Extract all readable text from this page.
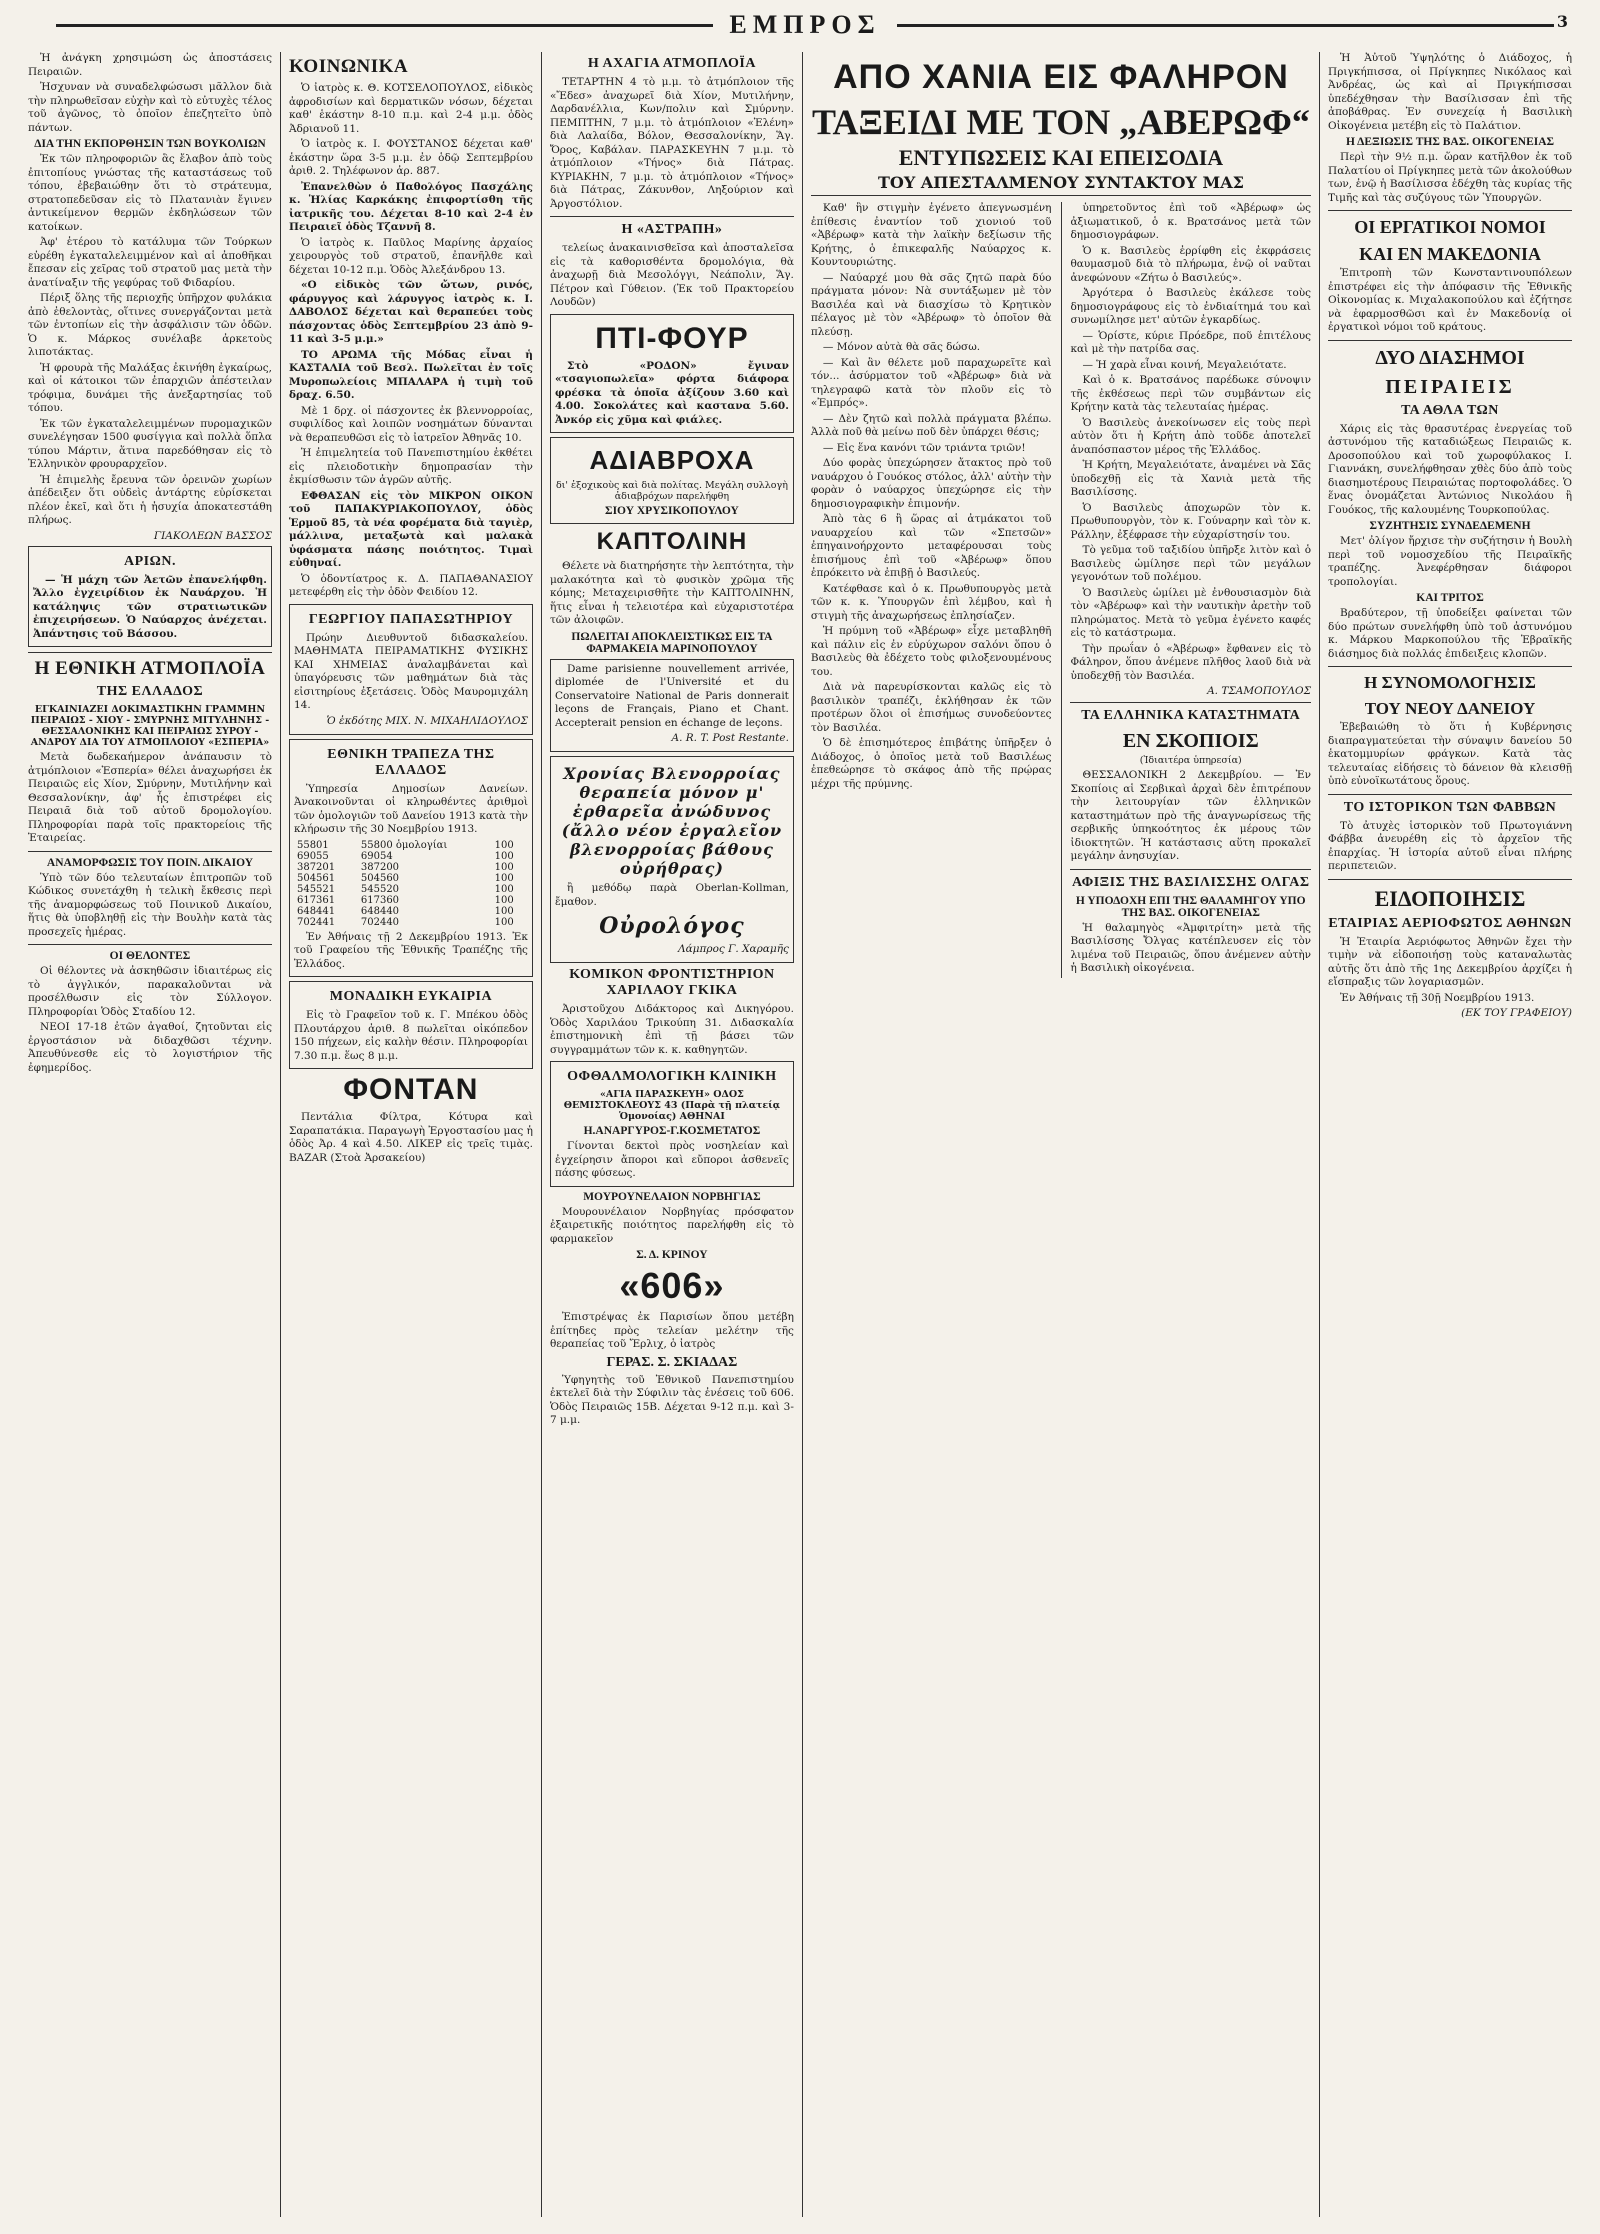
ΕΜΠΡΟΣ	3

Ἠ ἀνάγκη χρησιμώση ὡς ἀποστάσεις Πειραιῶν.

Ἠσχυναν νὰ συναδελφώσωσι μᾶλλον διὰ τὴν πληρωθεῖσαν εὐχὴν καὶ τὸ εὐτυχὲς τέλος τοῦ ἀγῶνος, τὸ ὁποῖον ἐπεζητεῖτο ὑπὸ πάντων.

ΔΙΑ ΤΗΝ ΕΚΠΟΡΘΗΣΙΝ ΤΩΝ ΒΟΥΚΟΛΙΩΝ

Ἐκ τῶν πληροφοριῶν ἃς ἔλαβον ἀπὸ τοὺς ἐπιτοπίους γνώστας τῆς καταστάσεως τοῦ τόπου, ἐβεβαιώθην ὅτι τὸ στράτευμα, στρατοπεδεῦσαν εἰς τὸ Πλατανιὰν ἔγινεν ἀντικείμενον θερμῶν ἐκδηλώσεων τῶν κατοίκων.

Ἀφ' ἑτέρου τὸ κατάλυμα τῶν Τούρκων εὑρέθη ἐγκαταλελειμμένον καὶ αἱ ἀποθῆκαι ἔπεσαν εἰς χεῖρας τοῦ στρατοῦ μας μετὰ τὴν ἀνατίναξιν τῆς γεφύρας τοῦ Φιδαρίου.

Πέριξ ὅλης τῆς περιοχῆς ὑπῆρχον φυλάκια ἀπὸ ἐθελοντὰς, οἵτινες συνεργάζονται μετὰ τῶν ἐντοπίων εἰς τὴν ἀσφάλισιν τῶν ὁδῶν. Ὁ κ. Μάρκος συνέλαβε ἀρκετοὺς λιποτάκτας.

Ἡ φρουρὰ τῆς Μαλάξας ἐκινήθη ἐγκαίρως, καὶ οἱ κάτοικοι τῶν ἐπαρχιῶν ἀπέστειλαν τρόφιμα, δυνάμει τῆς ἀνεξαρτησίας τοῦ τόπου.

Ἐκ τῶν ἐγκαταλελειμμένων πυρομαχικῶν συνελέγησαν 1500 φυσίγγια καὶ πολλὰ ὅπλα τύπου Μάρτιν, ἅτινα παρεδόθησαν εἰς τὸ Ἑλληνικὸν φρουραρχεῖον.

Ἡ ἐπιμελὴς ἔρευνα τῶν ὀρεινῶν χωρίων ἀπέδειξεν ὅτι οὐδεὶς ἀντάρτης εὑρίσκεται πλέον ἐκεῖ, καὶ ὅτι ἡ ἡσυχία ἀποκατεστάθη πλήρως.

ΓΙΑΚΟΛΕΩΝ ΒΑΣΣΟΣ
ΑΡΙΩΝ.

— Ἡ μάχη τῶν Ἀετῶν ἐπανελήφθη. Ἄλλο ἐγχειρίδιον ἐκ Ναυάρχου. Ἡ κατάληψις τῶν στρατιωτικῶν ἐπιχειρήσεων. Ὁ Ναύαρχος ἀνέχεται. Ἀπάντησις τοῦ Βάσσου.

Η ΕΘΝΙΚΗ ΑΤΜΟΠΛΟΪΑ
ΤΗΣ ΕΛΛΑΔΟΣ
ΕΓΚΑΙΝΙΑΖΕΙ ΔΟΚΙΜΑΣΤΙΚΗΝ ΓΡΑΜΜΗΝ ΠΕΙΡΑΙΩΣ - ΧΙΟΥ - ΣΜΥΡΝΗΣ ΜΙΤΥΛΗΝΗΣ - ΘΕΣΣΑΛΟΝΙΚΗΣ ΚΑΙ ΠΕΙΡΑΙΩΣ ΣΥΡΟΥ - ΑΝΔΡΟΥ ΔΙΑ ΤΟΥ ΑΤΜΟΠΛΟΙΟΥ «ΕΣΠΕΡΙΑ»

Μετὰ δωδεκαήμερον ἀνάπαυσιν τὸ ἀτμόπλοιον «Ἑσπερία» θέλει ἀναχωρήσει ἐκ Πειραιῶς εἰς Χίον, Σμύρνην, Μυτιλήνην καὶ Θεσσαλονίκην, ἀφ' ἧς ἐπιστρέφει εἰς Πειραιᾶ διὰ τοῦ αὐτοῦ δρομολογίου. Πληροφορίαι παρὰ τοῖς πρακτορείοις τῆς Ἑταιρείας.

ΑΝΑΜΟΡΦΩΣΙΣ ΤΟΥ ΠΟΙΝ. ΔΙΚΑΙΟΥ

Ὑπὸ τῶν δύο τελευταίων ἐπιτροπῶν τοῦ Κώδικος συνετάχθη ἡ τελικὴ ἔκθεσις περὶ τῆς ἀναμορφώσεως τοῦ Ποινικοῦ Δικαίου, ἥτις θὰ ὑποβληθῇ εἰς τὴν Βουλὴν κατὰ τὰς προσεχεῖς ἡμέρας.

ΟΙ ΘΕΛΟΝΤΕΣ

Οἱ θέλοντες νὰ ἀσκηθῶσιν ἰδιαιτέρως εἰς τὸ ἀγγλικόν, παρακαλοῦνται νὰ προσέλθωσιν εἰς τὸν Σύλλογον. Πληροφορίαι Ὁδὸς Σταδίου 12.

ΝΕΟΙ 17-18 ἐτῶν ἀγαθοί, ζητοῦνται εἰς ἐργοστάσιον νὰ διδαχθῶσι τέχνην. Ἀπευθύνεσθε εἰς τὸ λογιστήριον τῆς ἐφημερίδος.

ΚΟΙΝΩΝΙΚΑ

Ὁ ἰατρὸς κ. Θ. ΚΟΤΣΕΛΟΠΟΥΛΟΣ, εἰδικὸς ἀφροδισίων καὶ δερματικῶν νόσων, δέχεται καθ' ἑκάστην 8-10 π.μ. καὶ 2-4 μ.μ. ὁδὸς Ἀδριανοῦ 11.

Ὁ ἰατρὸς κ. Ι. ΦΟΥΣΤΑΝΟΣ δέχεται καθ' ἑκάστην ὥρα 3-5 μ.μ. ἐν ὁδῷ Σεπτεμβρίου ἀριθ. 2. Τηλέφωνον ἀρ. 887.

Ἐπανελθὼν ὁ Παθολόγος Πασχάλης κ. Ἡλίας Καρκάκης ἐπιφορτίσθη τῆς ἰατρικῆς του. Δέχεται 8-10 καὶ 2-4 ἐν Πειραιεῖ ὁδὸς Τζαννῆ 8.

Ὁ ἰατρὸς κ. Παῦλος Μαρίνης ἀρχαίος χειρουργὸς τοῦ στρατοῦ, ἐπανῆλθε καὶ δέχεται 10-12 π.μ. Ὁδὸς Ἀλεξάνδρου 13.

«Ο εἰδικὸς τῶν ὤτων, ρινός, φάρυγγος καὶ λάρυγγος ἰατρὸς κ. Ι. ΔΑΒΟΛΟΣ δέχεται καὶ θεραπεύει τοὺς πάσχοντας ὁδὸς Σεπτεμβρίου 23 ἀπὸ 9-11 καὶ 3-5 μ.μ.»

ΤΟ ΑΡΩΜΑ τῆς Μόδας εἶναι ἡ ΚΑΣΤΑΛΙΑ τοῦ Βεσλ. Πωλεῖται ἐν τοῖς Μυροπωλείοις ΜΠΑΛΑΡΑ ἡ τιμὴ τοῦ δραχ. 6.50.

Μὲ 1 δρχ. οἱ πάσχοντες ἐκ βλεννορροίας, συφιλίδος καὶ λοιπῶν νοσημάτων δύνανται νὰ θεραπευθῶσι εἰς τὸ ἰατρεῖον Ἀθηνᾶς 10.

Ἡ ἐπιμελητεία τοῦ Πανεπιστημίου ἐκθέτει εἰς πλειοδοτικὴν δημοπρασίαν τὴν ἐκμίσθωσιν τῶν ἀγρῶν αὐτῆς.

ΕΦΘΑΣΑΝ εἰς τὸν ΜΙΚΡΟΝ ΟΙΚΟΝ τοῦ ΠΑΠΑΚΥΡΙΑΚΟΠΟΥΛΟΥ, ὁδὸς Ἑρμοῦ 85, τὰ νέα φορέματα διὰ ταγιὲρ, μάλλινα, μεταξωτὰ καὶ μαλακὰ ὑφάσματα πάσης ποιότητος. Τιμαὶ εὐθηναί.

Ὁ ὀδοντίατρος κ. Δ. ΠΑΠΑΘΑΝΑΣΙΟΥ μετεφέρθη εἰς τὴν ὁδὸν Φειδίου 12.

ΓΕΩΡΓΙΟΥ ΠΑΠΑΣΩΤΗΡΙΟΥ

Πρώην Διευθυντοῦ διδασκαλείου. ΜΑΘΗΜΑΤΑ ΠΕΙΡΑΜΑΤΙΚΗΣ ΦΥΣΙΚΗΣ ΚΑΙ ΧΗΜΕΙΑΣ ἀναλαμβάνεται καὶ ὑπαγόρευσις τῶν μαθημάτων διὰ τὰς εἰσιτηρίους ἐξετάσεις. Ὁδὸς Μαυρομιχάλη 14.

Ὁ ἐκδότης ΜΙΧ. Ν. ΜΙΧΑΗΛΙΔΟΥΛΟΣ
ΕΘΝΙΚΗ ΤΡΑΠΕΖΑ ΤΗΣ ΕΛΛΑΔΟΣ

Ὑπηρεσία Δημοσίων Δανείων. Ἀνακοινοῦνται οἱ κληρωθέντες ἀριθμοὶ τῶν ὁμολογιῶν τοῦ Δανείου 1913 κατὰ τὴν κλήρωσιν τῆς 30 Νοεμβρίου 1913.

55801	55800 ὁμολογίαι	100
69055	69054	100
387201	387200	100
504561	504560	100
545521	545520	100
617361	617360	100
648441	648440	100
702441	702440	100

Ἐν Ἀθήναις τῇ 2 Δεκεμβρίου 1913. Ἐκ τοῦ Γραφείου τῆς Ἐθνικῆς Τραπέζης τῆς Ἑλλάδος.

ΜΟΝΑΔΙΚΗ ΕΥΚΑΙΡΙΑ

Εἰς τὸ Γραφεῖον τοῦ κ. Γ. Μπέκου ὁδὸς Πλουτάρχου ἀριθ. 8 πωλεῖται οἰκόπεδον 150 πήχεων, εἰς καλὴν θέσιν. Πληροφορίαι 7.30 π.μ. ἕως 8 μ.μ.

ΦΟΝΤΑΝ

Πεντάλια Φίλτρα, Κότυρα καὶ Σαραπατάκια. Παραγωγὴ Ἐργοστασίου μας ἡ ὁδὸς Ἀρ. 4 καὶ 4.50. ΛΙΚΕΡ εἰς τρεῖς τιμὰς. BAZAR (Στοὰ Ἀρσακείου)

Η ΑΧΑΓΙΑ ΑΤΜΟΠΛΟΪΑ

ΤΕΤΑΡΤΗΝ 4 τὸ μ.μ. τὸ ἀτμόπλοιον τῆς «Ἔδεσ» ἀναχωρεῖ διὰ Χίον, Μυτιλήνην, Δαρδανέλλια, Κων/πολιν καὶ Σμύρνην. ΠΕΜΠΤΗΝ, 7 μ.μ. τὸ ἀτμόπλοιον «Ἐλένη» διὰ Λαλαίδα, Βόλον, Θεσσαλονίκην, Ἅγ. Ὄρος, Καβάλαν. ΠΑΡΑΣΚΕΥΗΝ 7 μ.μ. τὸ ἀτμόπλοιον «Τήνος» διὰ Πάτρας. ΚΥΡΙΑΚΗΝ, 7 μ.μ. τὸ ἀτμόπλοιον «Τήνος» διὰ Πάτρας, Ζάκυνθον, Ληξούριον καὶ Ἀργοστόλιον.

Η «ΑΣΤΡΑΠΗ»

τελείως ἀνακαινισθεῖσα καὶ ἀποσταλεῖσα εἰς τὰ καθορισθέντα δρομολόγια, θὰ ἀναχωρῇ διὰ Μεσολόγγι, Νεάπολιν, Ἅγ. Πέτρον καὶ Γύθειον. (Ἐκ τοῦ Πρακτορείου Λουδῶν)

ΠΤΙ-ΦΟΥΡ

Στὸ «ΡΟΔΟΝ» ἔγιναν «τσαγιοπωλεῖα» φόρτα διάφορα φρέσκα τὰ ὁποῖα ἀξίζουν 3.60 καὶ 4.00. Σοκολάτες καὶ καστανα 5.60. Ἀνκόρ εἰς χῦμα καὶ φιάλες.

ΑΔΙΑΒΡΟΧΑ
δι' ἐξοχικοὺς καὶ διὰ πολίτας. Μεγάλη συλλογὴ ἀδιαβρόχων παρελήφθη
ΣΙΟΥ ΧΡΥΣΙΚΟΠΟΥΛΟΥ
ΚΑΠΤΟΛΙΝΗ

Θέλετε νὰ διατηρήσητε τὴν λεπτότητα, τὴν μαλακότητα καὶ τὸ φυσικὸν χρῶμα τῆς κόμης; Μεταχειρισθῆτε τὴν ΚΑΠΤΟΛΙΝΗΝ, ἥτις εἶναι ἡ τελειοτέρα καὶ εὐχαριστοτέρα τῶν ἀλοιφῶν.

ΠΩΛΕΙΤΑΙ ΑΠΟΚΛΕΙΣΤΙΚΩΣ ΕΙΣ ΤΑ ΦΑΡΜΑΚΕΙΑ ΜΑΡΙΝΟΠΟΥΛΟΥ

Dame parisienne nouvellement arrivée, diplomée de l'Université et du Conservatoire National de Paris donnerait leçons de Français, Piano et Chant. Accepterait pension en échange de leçons.

A. R. T. Post Restante.
Χρονίας Βλενορροίας θεραπεία μόνον μ' ἐρθαρεῖα ἀνώδυνος (ἄλλο νέον ἐργαλεῖον βλενορροίας βάθους οὐρήθρας)

ἢ μεθόδῳ παρὰ Oberlan-Kollman, ἔμαθον.

Οὐρολόγος
Λάμπρος Γ. Χαραμῆς
ΚΟΜΙΚΟΝ ΦΡΟΝΤΙΣΤΗΡΙΟΝ ΧΑΡΙΛΑΟΥ ΓΚΙΚΑ

Ἀριστοῦχου Διδάκτορος καὶ Δικηγόρου. Ὁδὸς Χαριλάου Τρικούπη 31. Διδασκαλία ἐπιστημονικὴ ἐπὶ τῇ βάσει τῶν συγγραμμάτων τῶν κ. κ. καθηγητῶν.

ΟΦΘΑΛΜΟΛΟΓΙΚΗ ΚΛΙΝΙΚΗ
«ΑΓΙΑ ΠΑΡΑΣΚΕΥΗ» ΟΔΟΣ ΘΕΜΙΣΤΟΚΛΕΟΥΣ 43 (Παρὰ τῇ πλατείᾳ Ὁμονοίας) ΑΘΗΝΑΙ
Η.ΑΝΑΡΓΥΡΟΣ-Γ.ΚΟΣΜΕΤΑΤΟΣ

Γίνονται δεκτοὶ πρὸς νοσηλείαν καὶ ἐγχείρησιν ἄποροι καὶ εὔποροι ἀσθενεῖς πάσης φύσεως.

ΜΟΥΡΟΥΝΕΛΑΙΟΝ ΝΟΡΒΗΓΙΑΣ

Μουρουνέλαιον Νορβηγίας πρόσφατον ἐξαιρετικῆς ποιότητος παρελήφθη εἰς τὸ φαρμακεῖον

Σ. Δ. ΚΡΙΝΟΥ
«606»

Ἐπιστρέψας ἐκ Παρισίων ὅπου μετέβη ἐπίτηδες πρὸς τελείαν μελέτην τῆς θεραπείας τοῦ Ἔρλιχ, ὁ ἰατρὸς

ΓΕΡΑΣ. Σ. ΣΚΙΑΔΑΣ

Ὑφηγητὴς τοῦ Ἐθνικοῦ Πανεπιστημίου ἐκτελεῖ διὰ τὴν Σύφιλιν τὰς ἐνέσεις τοῦ 606. Ὁδὸς Πειραιῶς 15Β. Δέχεται 9-12 π.μ. καὶ 3-7 μ.μ.

ΑΠΟ ΧΑΝΙΑ ΕΙΣ ΦΑΛΗΡΟΝ
ΤΑΞΕΙΔΙ ΜΕ ΤΟΝ „ΑΒΕΡΩΦ“
ΕΝΤΥΠΩΣΕΙΣ ΚΑΙ ΕΠΕΙΣΟΔΙΑ
ΤΟΥ ΑΠΕΣΤΑΛΜΕΝΟΥ ΣΥΝΤΑΚΤΟΥ ΜΑΣ

Καθ' ἣν στιγμὴν ἐγένετο ἀπεγνωσμένη ἐπίθεσις ἐναντίον τοῦ χιονιού τοῦ «Ἀβέρωφ» κατὰ τὴν λαϊκὴν δεξίωσιν τῆς Κρήτης, ὁ ἐπικεφαλῆς Ναύαρχος κ. Κουντουριώτης.

— Ναύαρχέ μου θὰ σᾶς ζητῶ παρὰ δύο πράγματα μόνον: Νὰ συντάξωμεν μὲ τὸν Βασιλέα καὶ νὰ διασχίσω τὸ Κρητικὸν πέλαγος μὲ τὸν «Ἀβέρωφ» τὸ ὁποῖον θὰ πλεύσῃ.

— Μόνον αὐτὰ θὰ σᾶς δώσω.

— Καὶ ἂν θέλετε μοῦ παραχωρεῖτε καὶ τόν... ἀσύρματον τοῦ «Ἀβέρωφ» διὰ νὰ τηλεγραφῶ κατὰ τὸν πλοῦν εἰς τὸ «Ἐμπρός».

— Δὲν ζητῶ καὶ πολλὰ πράγματα βλέπω. Ἀλλὰ ποῦ θὰ μείνω ποῦ δὲν ὑπάρχει θέσις;

— Εἰς ἕνα κανόνι τῶν τριάντα τριῶν!

Δύο φορὰς ὑπεχώρησεν ἄτακτος πρὸ τοῦ ναυάρχου ὁ Γουόκος στόλος, ἀλλ' αὐτὴν τὴν φορὰν ὁ ναύαρχος ὑπεχώρησε εἰς τὴν δημοσιογραφικὴν ἐπιμονήν.

Ἀπὸ τὰς 6 ἢ ὥρας αἱ ἀτμάκατοι τοῦ ναυαρχείου καὶ τῶν «Σπετσῶν» ἐπηγαινοήρχοντο μεταφέρουσαι τοὺς ἐπισήμους ἐπὶ τοῦ «Ἀβέρωφ» ὅπου ἐπρόκειτο νὰ ἐπιβῇ ὁ Βασιλεύς.

Κατέφθασε καὶ ὁ κ. Πρωθυπουργὸς μετὰ τῶν κ. κ. Ὑπουργῶν ἐπὶ λέμβου, καὶ ἡ στιγμὴ τῆς ἀναχωρήσεως ἐπλησίαζεν.

Ἡ πρύμνη τοῦ «Ἀβέρωφ» εἶχε μεταβληθῆ καὶ πάλιν εἰς ἐν εὐρύχωρον σαλόνι ὅπου ὁ Βασιλεὺς θὰ ἐδέχετο τοὺς φιλοξενουμένους του.

Διὰ νὰ παρευρίσκονται καλῶς εἰς τὸ βασιλικὸν τραπέζι, ἐκλήθησαν ἐκ τῶν προτέρων ὅλοι οἱ ἐπισήμως συνοδεύοντες τὸν Βασιλέα.

Ὁ δὲ ἐπισημότερος ἐπιβάτης ὑπῆρξεν ὁ Διάδοχος, ὁ ὁποῖος μετὰ τοῦ Βασιλέως ἐπεθεώρησε τὸ σκάφος ἀπὸ τῆς πρῴρας μέχρι τῆς πρύμνης.

ὑπηρετοῦντος ἐπὶ τοῦ «Ἀβέρωφ» ὡς ἀξιωματικοῦ, ὁ κ. Βρατσάνος μετὰ τῶν δημοσιογράφων.

Ὁ κ. Βασιλεὺς ἐρρίφθη εἰς ἐκφράσεις θαυμασμοῦ διὰ τὸ πλήρωμα, ἐνῷ οἱ ναῦται ἀνεφώνουν «Ζήτω ὁ Βασιλεύς».

Ἀργότερα ὁ Βασιλεὺς ἐκάλεσε τοὺς δημοσιογράφους εἰς τὸ ἐνδιαίτημά του καὶ συνωμίλησε μετ' αὐτῶν ἐγκαρδίως.

— Ὁρίστε, κύριε Πρόεδρε, ποῦ ἐπιτέλους καὶ μὲ τὴν πατρίδα σας.

— Ἡ χαρὰ εἶναι κοινή, Μεγαλειότατε.

Καὶ ὁ κ. Βρατσάνος παρέδωκε σύνοψιν τῆς ἐκθέσεως περὶ τῶν συμβάντων εἰς Κρήτην κατὰ τὰς τελευταίας ἡμέρας.

Ὁ Βασιλεὺς ἀνεκοίνωσεν εἰς τοὺς περὶ αὐτὸν ὅτι ἡ Κρήτη ἀπὸ τοῦδε ἀποτελεῖ ἀναπόσπαστον μέρος τῆς Ἑλλάδος.

Ἡ Κρήτη, Μεγαλειότατε, ἀναμένει νὰ Σᾶς ὑποδεχθῇ εἰς τὰ Χανιὰ μετὰ τῆς Βασιλίσσης.

Ὁ Βασιλεὺς ἀποχωρῶν τὸν κ. Πρωθυπουργὸν, τὸν κ. Γούναρην καὶ τὸν κ. Ράλλην, ἐξέφρασε τὴν εὐχαρίστησίν του.

Τὸ γεῦμα τοῦ ταξιδίου ὑπῆρξε λιτὸν καὶ ὁ Βασιλεὺς ὡμίλησε περὶ τῶν μεγάλων γεγονότων τοῦ πολέμου.

Ὁ Βασιλεὺς ὡμίλει μὲ ἐνθουσιασμὸν διὰ τὸν «Ἀβέρωφ» καὶ τὴν ναυτικὴν ἀρετὴν τοῦ πληρώματος. Μετὰ τὸ γεῦμα ἐγένετο καφές εἰς τὸ κατάστρωμα.

Τὴν πρωΐαν ὁ «Ἀβέρωφ» ἔφθανεν εἰς τὸ Φάληρον, ὅπου ἀνέμενε πλῆθος λαοῦ διὰ νὰ ὑποδεχθῇ τὸν Βασιλέα.

Α. ΤΣΑΜΟΠΟΥΛΟΣ
ΤΑ ΕΛΛΗΝΙΚΑ ΚΑΤΑΣΤΗΜΑΤΑ
ΕΝ ΣΚΟΠΙΟΙΣ
(Ἰδιαιτέρα ὑπηρεσία)

ΘΕΣΣΑΛΟΝΙΚΗ 2 Δεκεμβρίου. — Ἐν Σκοπίοις αἱ Σερβικαὶ ἀρχαὶ δὲν ἐπιτρέπουν τὴν λειτουργίαν τῶν ἑλληνικῶν καταστημάτων πρὸ τῆς ἀναγνωρίσεως τῆς σερβικῆς ὑπηκοότητος ἐκ μέρους τῶν ἰδιοκτητῶν. Ἡ κατάστασις αὕτη προκαλεῖ μεγάλην ἀνησυχίαν.

ΑΦΙΞΙΣ ΤΗΣ ΒΑΣΙΛΙΣΣΗΣ ΟΛΓΑΣ
Η ΥΠΟΔΟΧΗ ΕΠΙ ΤΗΣ ΘΑΛΑΜΗΓΟΥ ΥΠΟ ΤΗΣ ΒΑΣ. ΟΙΚΟΓΕΝΕΙΑΣ

Ἡ θαλαμηγὸς «Ἀμφιτρίτη» μετὰ τῆς Βασιλίσσης Ὄλγας κατέπλευσεν εἰς τὸν λιμένα τοῦ Πειραιῶς, ὅπου ἀνέμενεν αὐτὴν ἡ Βασιλικὴ οἰκογένεια.

Ἡ Ἀὐτοῦ Ὑψηλότης ὁ Διάδοχος, ἡ Πριγκήπισσα, οἱ Πρίγκηπες Νικόλαος καὶ Ἀνδρέας, ὡς καὶ αἱ Πριγκήπισσαι ὑπεδέχθησαν τὴν Βασίλισσαν ἐπὶ τῆς ἀποβάθρας. Ἐν συνεχείᾳ ἡ Βασιλικὴ Οἰκογένεια μετέβη εἰς τὸ Παλάτιον.

Η ΔΕΞΙΩΣΙΣ ΤΗΣ ΒΑΣ. ΟΙΚΟΓΕΝΕΙΑΣ

Περὶ τὴν 9½ π.μ. ὥραν κατῆλθον ἐκ τοῦ Παλατίου οἱ Πρίγκηπες μετὰ τῶν ἀκολούθων των, ἐνῷ ἡ Βασίλισσα ἐδέχθη τὰς κυρίας τῆς Τιμῆς καὶ τὰς συζύγους τῶν Ὑπουργῶν.

ΟΙ ΕΡΓΑΤΙΚΟΙ ΝΟΜΟΙ
ΚΑΙ ΕΝ ΜΑΚΕΔΟΝΙΑ

Ἐπιτροπὴ τῶν Κωνσταντινουπόλεων ἐπιστρέφει εἰς τὴν ἀπόφασιν τῆς Ἐθνικῆς Οἰκονομίας κ. Μιχαλακοπούλου καὶ ἐζήτησε νὰ ἐφαρμοσθῶσι καὶ ἐν Μακεδονίᾳ οἱ ἐργατικοὶ νόμοι τοῦ κράτους.

ΔΥΟ ΔΙΑΣΗΜΟΙ
ΠΕΙΡΑΙΕΙΣ
ΤΑ ΑΘΛΑ ΤΩΝ

Χάρις εἰς τὰς θρασυτέρας ἐνεργείας τοῦ ἀστυνόμου τῆς καταδιώξεως Πειραιῶς κ. Δροσοπούλου καὶ τοῦ χωροφύλακος Ι. Γιαννάκη, συνελήφθησαν χθὲς δύο ἀπὸ τοὺς διασημοτέρους Πειραιώτας πορτοφολάδες. Ὁ ἕνας ὀνομάζεται Ἀντώνιος Νικολάου ἢ Γουόκος, τῆς καλουμένης Τουρκοπούλας.

ΣΥΖΗΤΗΣΙΣ ΣΥΝΔΕΔΕΜΕΝΗ

Μετ' ὀλίγον ἤρχισε τὴν συζήτησιν ἡ Βουλὴ περὶ τοῦ νομοσχεδίου τῆς Πειραϊκῆς τραπέζης. Ἀνεφέρθησαν διάφοροι τροπολογίαι.

ΚΑΙ ΤΡΙΤΟΣ

Βραδύτερον, τῇ ὑποδείξει φαίνεται τῶν δύο πρώτων συνελήφθη ὑπὸ τοῦ ἀστυνόμου κ. Μάρκου Μαρκοπούλου τῆς Ἑβραϊκῆς διάσημος διὰ πολλάς ἐπιδειξεις κλοπῶν.

Η ΣΥΝΟΜΟΛΟΓΗΣΙΣ
ΤΟΥ ΝΕΟΥ ΔΑΝΕΙΟΥ

Ἐβεβαιώθη τὸ ὅτι ἡ Κυβέρνησις διαπραγματεύεται τὴν σύναψιν δανείου 50 ἑκατομμυρίων φράγκων. Κατὰ τὰς τελευταίας εἰδήσεις τὸ δάνειον θὰ κλεισθῇ ὑπὸ εὐνοϊκωτάτους ὅρους.

ΤΟ ΙΣΤΟΡΙΚΟΝ ΤΩΝ ΦΑΒΒΩΝ

Τὸ ἀτυχὲς ἱστορικὸν τοῦ Πρωτογιάννη Φάββα ἀνευρέθη εἰς τὸ ἀρχεῖον τῆς ἐπαρχίας. Ἡ ἱστορία αὐτοῦ εἶναι πλήρης περιπετειῶν.

ΕΙΔΟΠΟΙΗΣΙΣ
ΕΤΑΙΡΙΑΣ ΑΕΡΙΟΦΩΤΟΣ ΑΘΗΝΩΝ

Ἡ Ἐταιρία Ἀεριόφωτος Ἀθηνῶν ἔχει τὴν τιμὴν νὰ εἰδοποιήσῃ τοὺς καταναλωτὰς αὐτῆς ὅτι ἀπὸ τῆς 1ης Δεκεμβρίου ἀρχίζει ἡ εἴσπραξις τῶν λογαριασμῶν.

Ἐν Ἀθήναις τῇ 30ῇ Νοεμβρίου 1913.

(ΕΚ ΤΟΥ ΓΡΑΦΕΙΟΥ)
